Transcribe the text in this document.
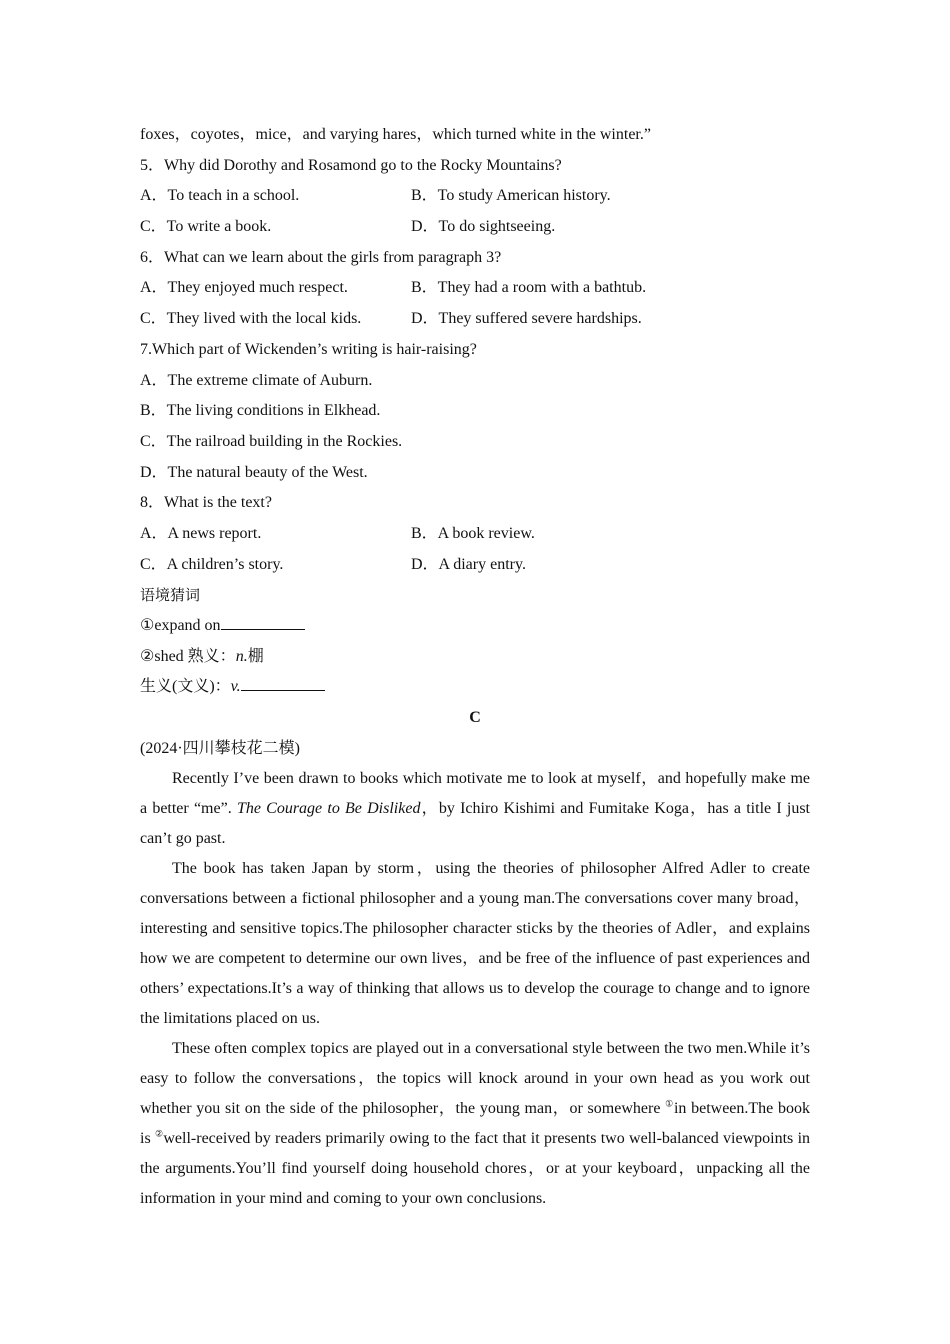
foxes，coyotes，mice，and varying hares，which turned white in the winter.”
5．Why did Dorothy and Rosamond go to the Rocky Mountains?
A．To teach in a school.	B．To study American history.
C．To write a book.	D．To do sightseeing.
6．What can we learn about the girls from paragraph 3?
A．They enjoyed much respect.	B．They had a room with a bathtub.
C．They lived with the local kids.	D．They suffered severe hardships.
7.Which part of Wickenden’s writing is hair-raising?
A．The extreme climate of Auburn.
B．The living conditions in Elkhead.
C．The railroad building in the Rockies.
D．The natural beauty of the West.
8．What is the text?
A．A news report.	B．A book review.
C．A children’s story.	D．A diary entry.
语境猜词
①expand on
②shed 熟义：n.棚
生义(文义)：v.
C
(2024·四川攀枝花二模)

Recently I’ve been drawn to books which motivate me to look at myself，and hopefully make me a better “me”. The Courage to Be Disliked，by Ichiro Kishimi and Fumitake Koga，has a title I just can’t go past.

The book has taken Japan by storm，using the theories of philosopher Alfred Adler to create conversations between a fictional philosopher and a young man.The conversations cover many broad，interesting and sensitive topics.The philosopher character sticks by the theories of Adler，and explains how we are competent to determine our own lives，and be free of the influence of past experiences and others’ expectations.It’s a way of thinking that allows us to develop the courage to change and to ignore the limitations placed on us.

These often complex topics are played out in a conversational style between the two men.While it’s easy to follow the conversations，the topics will knock around in your own head as you work out whether you sit on the side of the philosopher，the young man，or somewhere ①in between.The book is ②well-received by readers primarily owing to the fact that it presents two well-balanced viewpoints in the arguments.You’ll find yourself doing household chores，or at your keyboard，unpacking all the information in your mind and coming to your own conclusions.
